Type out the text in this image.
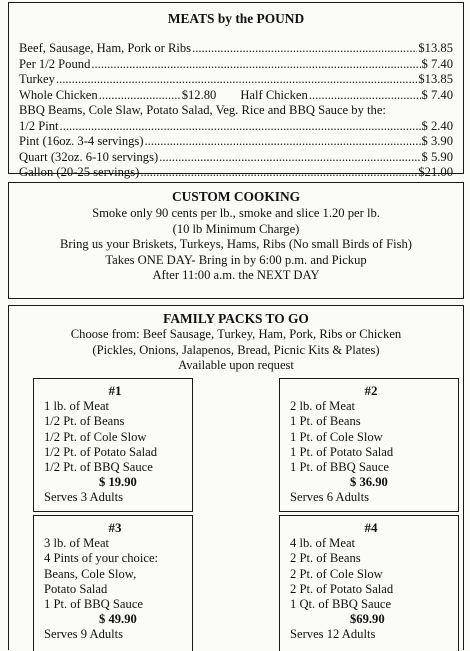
MEATS by the POUND
Beef, Sausage, Ham, Pork or Ribs .....	$13.85
Per 1/2 Pound .....	$ 7.40
Turkey .....	$13.85
Whole Chicken .....	$12.80 Half Chicken .....	$ 7.40
BBQ Beams, Cole Slaw, Potato Salad, Veg. Rice and BBQ Sauce by the:
1/2 Pint .....	$ 2.40
Pint (16oz. 3-4 servings) .....	$ 3.90
Quart (32oz. 6-10 servings) .....	$ 5.90
Gallon (20-25 servings) .....	$21.00
CUSTOM COOKING
Smoke only 90 cents per lb., smoke and slice 1.20 per lb.
(10 lb Minimum Charge)
Bring us your Briskets, Turkeys, Hams, Ribs (No small Birds of Fish)
Takes ONE DAY- Bring in by 6:00 p.m. and Pickup
After 11:00 a.m. the NEXT DAY
FAMILY PACKS TO GO
Choose from: Beef Sausage, Turkey, Ham, Pork, Ribs or Chicken
(Pickles, Onions, Jalapenos, Bread, Picnic Kits & Plates)
Available upon request
#1
1 lb. of Meat
1/2 Pt. of Beans
1/2 Pt. of Cole Slow
1/2 Pt. of Potato Salad
1/2 Pt. of BBQ Sauce
$ 19.90
Serves 3 Adults
#2
2 lb. of Meat
1 Pt. of Beans
1 Pt. of Cole Slow
1 Pt. of Potato Salad
1 Pt. of BBQ Sauce
$ 36.90
Serves 6 Adults
#3
3 lb. of Meat
4 Pints of your choice:
Beans, Cole Slow,
Potato Salad
1 Pt. of BBQ Sauce
$ 49.90
Serves 9 Adults
#4
4 lb. of Meat
2 Pt. of Beans
2 Pt. of Cole Slow
2 Pt. of Potato Salad
1 Qt. of BBQ Sauce
$69.90
Serves 12 Adults
